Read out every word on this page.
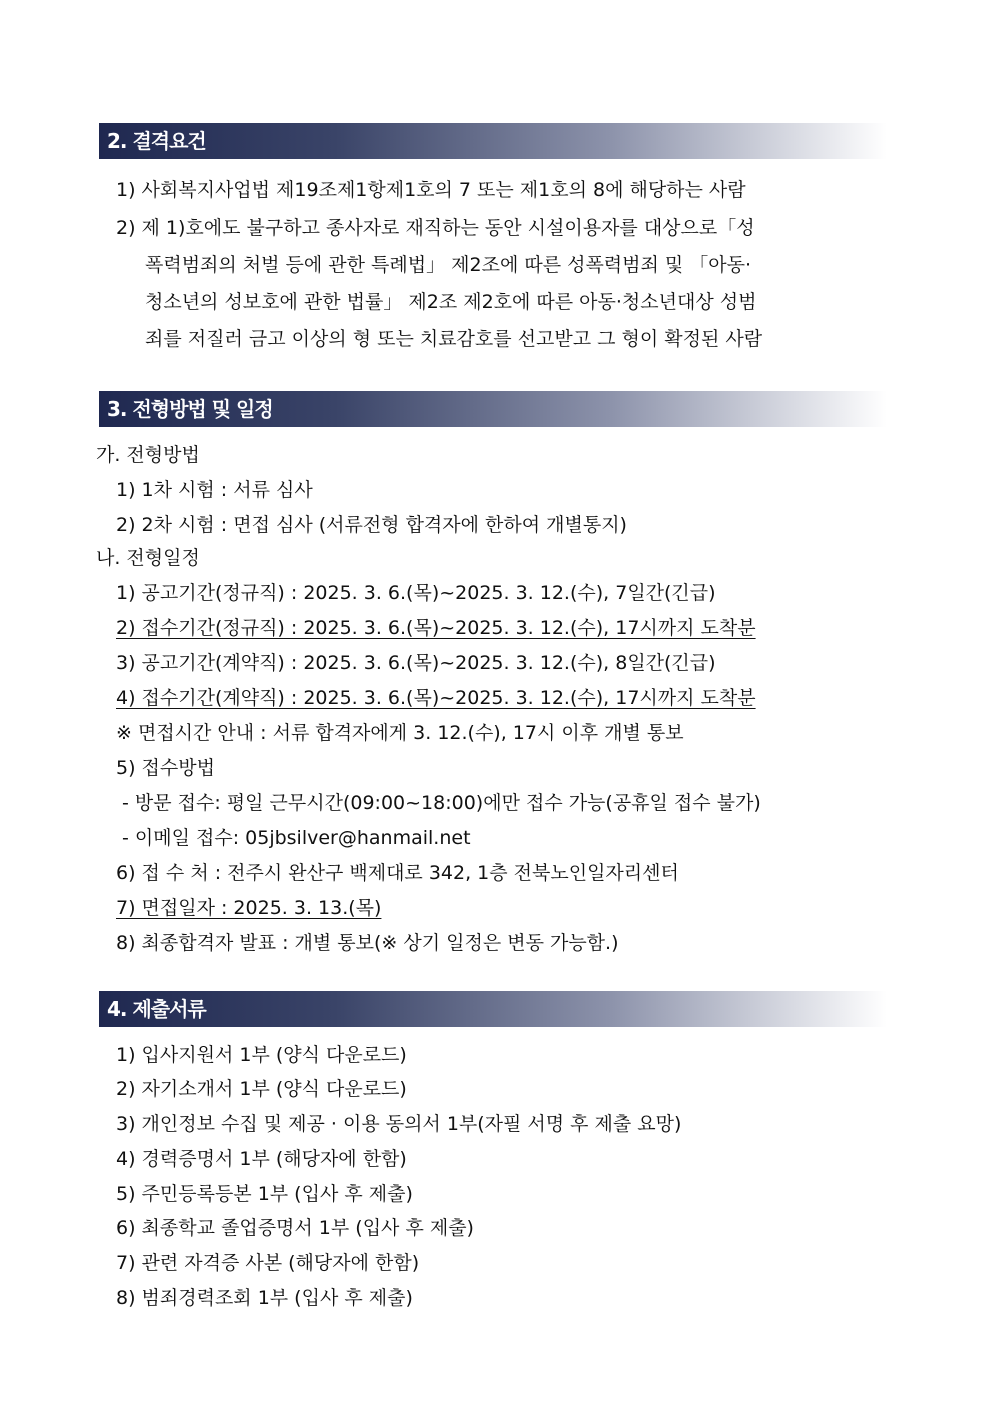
2. 결격요건
1) 사회복지사업법 제19조제1항제1호의 7 또는 제1호의 8에 해당하는 사람
2) 제 1)호에도 불구하고 종사자로 재직하는 동안 시설이용자를 대상으로「성
폭력범죄의 처벌 등에 관한 특례법」 제2조에 따른 성폭력범죄 및 「아동·
청소년의 성보호에 관한 법률」 제2조 제2호에 따른 아동·청소년대상 성범
죄를 저질러 금고 이상의 형 또는 치료감호를 선고받고 그 형이 확정된 사람
3. 전형방법 및 일정
가. 전형방법
1) 1차 시험 : 서류 심사
2) 2차 시험 : 면접 심사 (서류전형 합격자에 한하여 개별통지)
나. 전형일정
1) 공고기간(정규직) : 2025. 3. 6.(목)~2025. 3. 12.(수), 7일간(긴급)
2) 접수기간(정규직) : 2025. 3. 6.(목)~2025. 3. 12.(수), 17시까지 도착분
3) 공고기간(계약직) : 2025. 3. 6.(목)~2025. 3. 12.(수), 8일간(긴급)
4) 접수기간(계약직) : 2025. 3. 6.(목)~2025. 3. 12.(수), 17시까지 도착분
※ 면접시간 안내 : 서류 합격자에게 3. 12.(수), 17시 이후 개별 통보
5) 접수방법
- 방문 접수: 평일 근무시간(09:00~18:00)에만 접수 가능(공휴일 접수 불가)
- 이메일 접수: 05jbsilver@hanmail.net
6) 접 수 처 : 전주시 완산구 백제대로 342, 1층 전북노인일자리센터
7) 면접일자 : 2025. 3. 13.(목)
8) 최종합격자 발표 : 개별 통보(※ 상기 일정은 변동 가능함.)
4. 제출서류
1) 입사지원서 1부 (양식 다운로드)
2) 자기소개서 1부 (양식 다운로드)
3) 개인정보 수집 및 제공 · 이용 동의서 1부(자필 서명 후 제출 요망)
4) 경력증명서 1부 (해당자에 한함)
5) 주민등록등본 1부 (입사 후 제출)
6) 최종학교 졸업증명서 1부 (입사 후 제출)
7) 관련 자격증 사본 (해당자에 한함)
8) 범죄경력조회 1부 (입사 후 제출)
